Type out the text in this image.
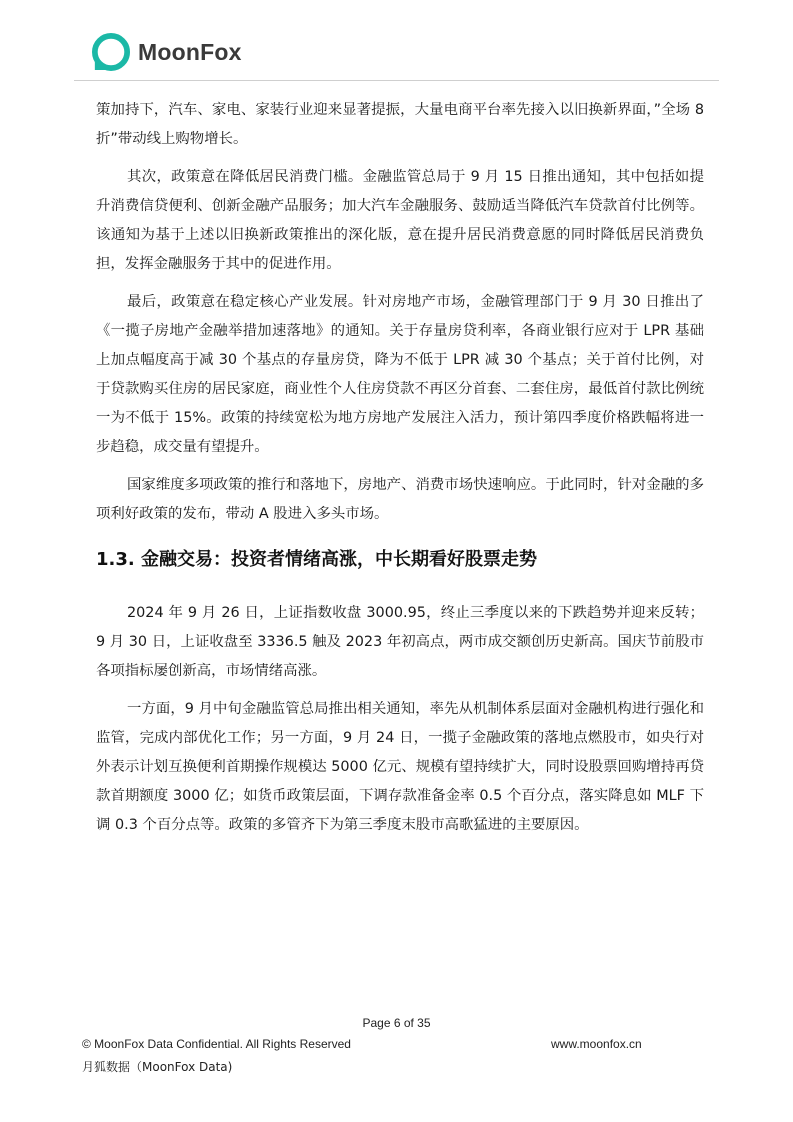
MoonFox

策加持下，汽车、家电、家装行业迎来显著提振，大量电商平台率先接入以旧换新界面，”全场 8 折”带动线上购物增长。

其次，政策意在降低居民消费门槛。金融监管总局于 9 月 15 日推出通知，其中包括如提升消费信贷便利、创新金融产品服务；加大汽车金融服务、鼓励适当降低汽车贷款首付比例等。该通知为基于上述以旧换新政策推出的深化版，意在提升居民消费意愿的同时降低居民消费负担，发挥金融服务于其中的促进作用。

最后，政策意在稳定核心产业发展。针对房地产市场，金融管理部门于 9 月 30 日推出了《一揽子房地产金融举措加速落地》的通知。关于存量房贷利率，各商业银行应对于 LPR 基础上加点幅度高于减 30 个基点的存量房贷，降为不低于 LPR 减 30 个基点；关于首付比例，对于贷款购买住房的居民家庭，商业性个人住房贷款不再区分首套、二套住房，最低首付款比例统一为不低于 15%。政策的持续宽松为地方房地产发展注入活力，预计第四季度价格跌幅将进一步趋稳，成交量有望提升。

国家维度多项政策的推行和落地下，房地产、消费市场快速响应。于此同时，针对金融的多项利好政策的发布，带动 A 股进入多头市场。

1.3. 金融交易：投资者情绪高涨，中长期看好股票走势

2024 年 9 月 26 日，上证指数收盘 3000.95，终止三季度以来的下跌趋势并迎来反转；9 月 30 日，上证收盘至 3336.5 触及 2023 年初高点，两市成交额创历史新高。国庆节前股市各项指标屡创新高，市场情绪高涨。

一方面，9 月中旬金融监管总局推出相关通知，率先从机制体系层面对金融机构进行强化和监管，完成内部优化工作；另一方面，9 月 24 日，一揽子金融政策的落地点燃股市，如央行对外表示计划互换便利首期操作规模达 5000 亿元、规模有望持续扩大，同时设股票回购增持再贷款首期额度 3000 亿；如货币政策层面，下调存款准备金率 0.5 个百分点，落实降息如 MLF 下调 0.3 个百分点等。政策的多管齐下为第三季度末股市高歌猛进的主要原因。

Page 6 of 35
© MoonFox Data Confidential. All Rights Reserved	www.moonfox.cn
月狐数据（MoonFox Data)
